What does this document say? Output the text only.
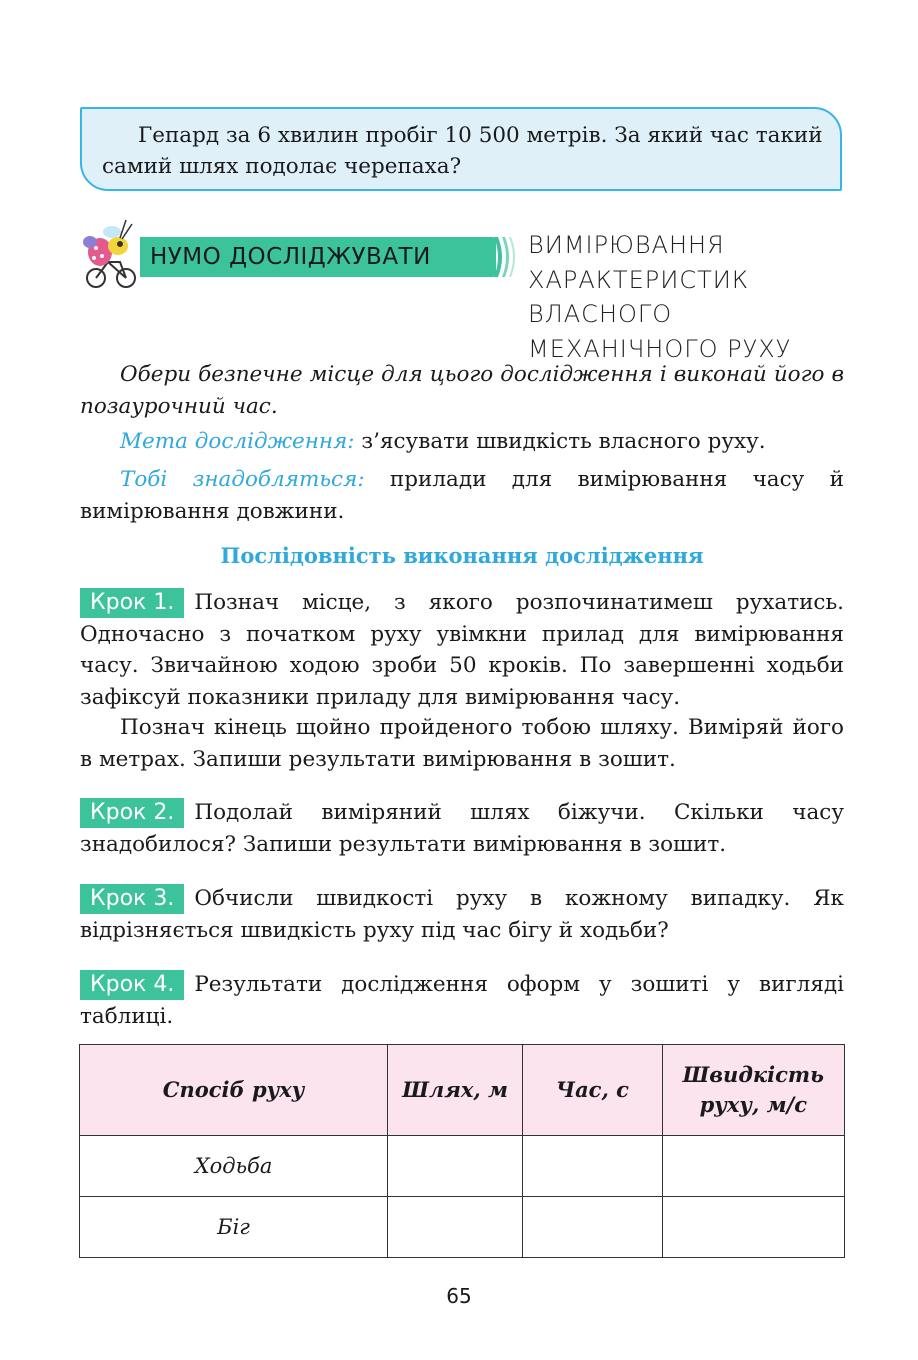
Гепард за 6 хвилин пробіг 10 500 метрів. За який час такий самий шлях подолає черепаха?

НУМО ДОСЛІДЖУВАТИ	ВИМІРЮВАННЯ
ХАРАКТЕРИСТИК
ВЛАСНОГО
МЕХАНІЧНОГО РУХУ

Обери безпечне місце для цього дослідження і виконай його в позаурочний час.

Мета дослідження: з’ясувати швидкість власного руху.

Тобі знадобляться: прилади для вимірювання часу й вимірювання довжини.

Послідовність виконання дослідження

Крок 1. Познач місце, з якого розпочинатимеш рухатись. Одночасно з початком руху увімкни прилад для вимірювання часу. Звичайною ходою зроби 50 кроків. По завершенні ходьби зафіксуй показники приладу для вимірювання часу.

Познач кінець щойно пройденого тобою шляху. Виміряй його в метрах. Запиши результати вимірювання в зошит.

Крок 2. Подолай виміряний шлях біжучи. Скільки часу знадобилося? Запиши результати вимірювання в зошит.

Крок 3. Обчисли швидкості руху в кожному випадку. Як відрізняється швидкість руху під час бігу й ходьби?

Крок 4. Результати дослідження оформ у зошиті у вигляді таблиці.

Спосіб руху	Шлях, м	Час, с	Швидкість руху, м/с
Ходьба			
Біг			
65
